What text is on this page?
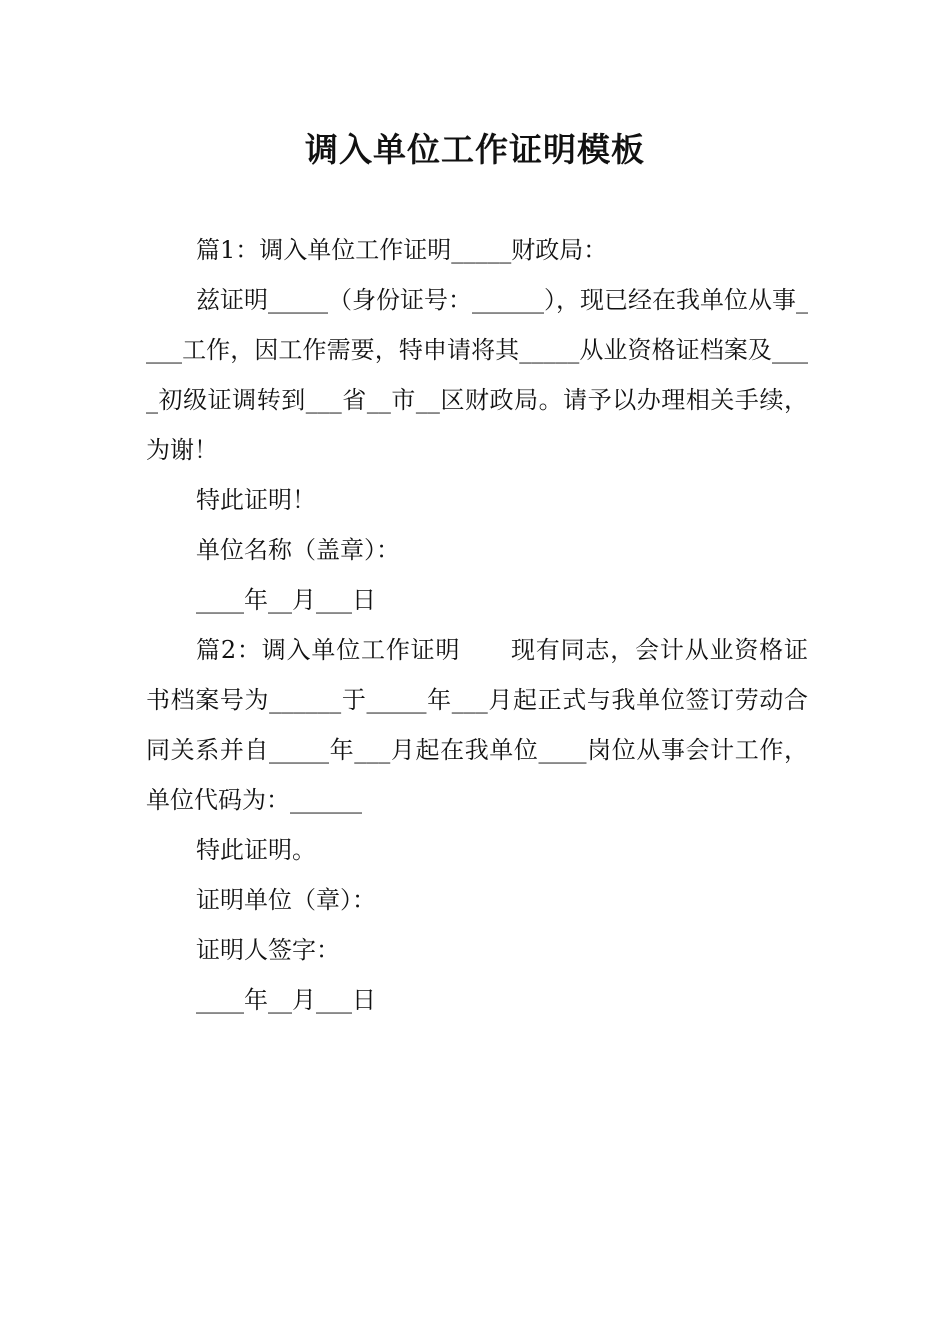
调入单位工作证明模板

篇1：调入单位工作证明_____财政局：

兹证明_____（身份证号：______），现已经在我单位从事____工作，因工作需要，特申请将其_____从业资格证档案及____初级证调转到___省__市__区财政局。请予以办理相关手续，为谢！

特此证明！

单位名称（盖章）：

____年__月___日

篇2：调入单位工作证明      现有同志，会计从业资格证书档案号为______于_____年___月起正式与我单位签订劳动合同关系并自_____年___月起在我单位____岗位从事会计工作，单位代码为：______

特此证明。

证明单位（章）：

证明人签字：

____年__月___日
